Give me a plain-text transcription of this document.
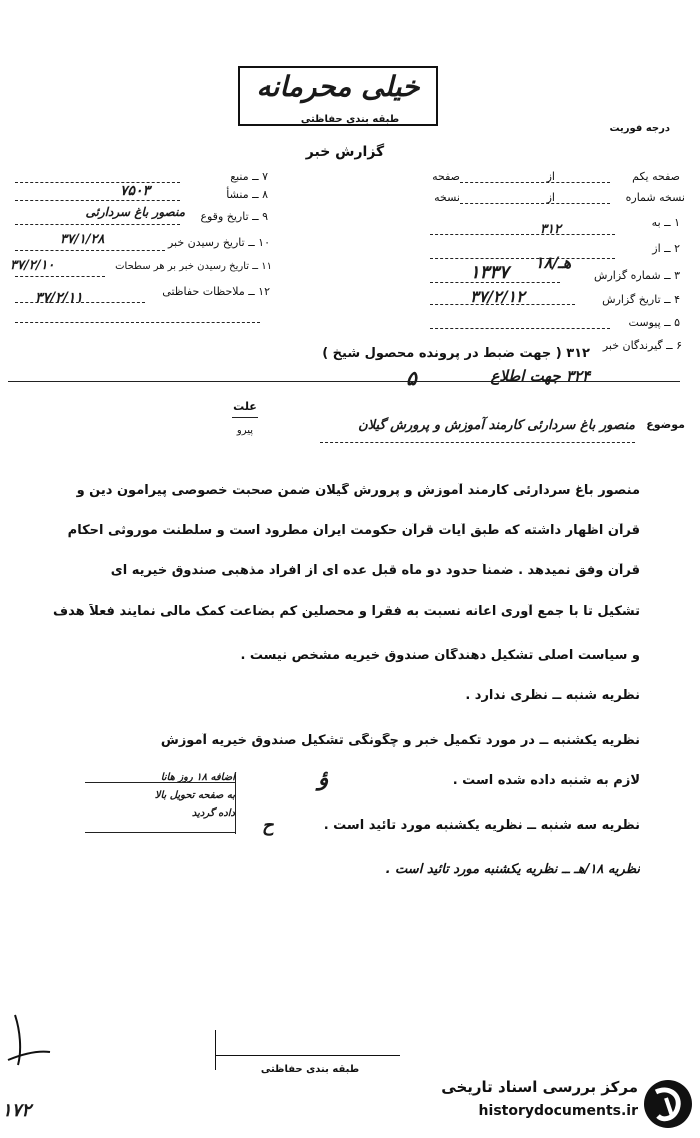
خیلی محرمانه
طبقه بندی حفاظتی
درجه فوریت
گزارش خبر
۷ ــ منبع
۸ ــ منشأ
۷۵۰۳
۹ ــ تاریخ وقوع
منصور باغ سردارئی
۱۰ ــ تاریخ رسیدن خبر
۳۷/۱/۲۸
۱۱ ــ تاریخ رسیدن خبر بر هر سطحات
۳۷/۲/۱۰
۱۲ ــ ملاحظات حفاظتی
۳۷/۲/۱۱
صفحه یکم
از
صفحه
نسخه شماره
از
نسخه
۱ ــ به
۳۱۲
۲ ــ از
۱۸/هـ
۳ ــ شماره گزارش
۱۳۳۷
۴ ــ تاریخ گزارش
۳۷/۲/۱۲
۵ ــ پیوست
۶ ــ گیرندگان خبر
۳۱۲ ( جهت ضبط در پرونده محصول شیخ )
۳۲۴ جهت اطلاع
۵
موضوع
منصور باغ سردارئی کارمند آموزش و پرورش گیلان
علت
پیرو
منصور باغ سردارئی کارمند آموزش و پرورش گیلان ضمن صحبت خصوصی پیرامون دین و
قرآن اظهار داشته که طبق آیات قرآن حکومت ایران مطرود است و سلطنت موروثی احکام
قرآن وفق نمیدهد . ضمناً حدود دو ماه قبل عده ای از افراد مذهبی صندوق خیریه ای
تشکیل تا با جمع آوری اعانه نسبت به فقرا و محصلین کم بضاعت کمک مالی نمایند فعلاً هدف
و سیاست اصلی تشکیل دهندگان صندوق خیریه مشخص نیست .
نظریه شنبه ــ نظری ندارد .
نظریه یکشنبه ــ در مورد تکمیل خبر و چگونگی تشکیل صندوق خیریه آموزش
لازم به شنبه داده شده است .
ؤ
نظریه سه شنبه ــ نظریه یکشنبه مورد تائید است .
ح
نظریه ۱۸/هـ ــ نظریه یکشنبه مورد تائید است .
اضافه ۱۸ روز هانا
به صفحه تحویل بالا
داده گردید
۱۷۲
طبقه بندی حفاظتی
مرکز بررسی اسناد تاریخی
historydocuments.ir
